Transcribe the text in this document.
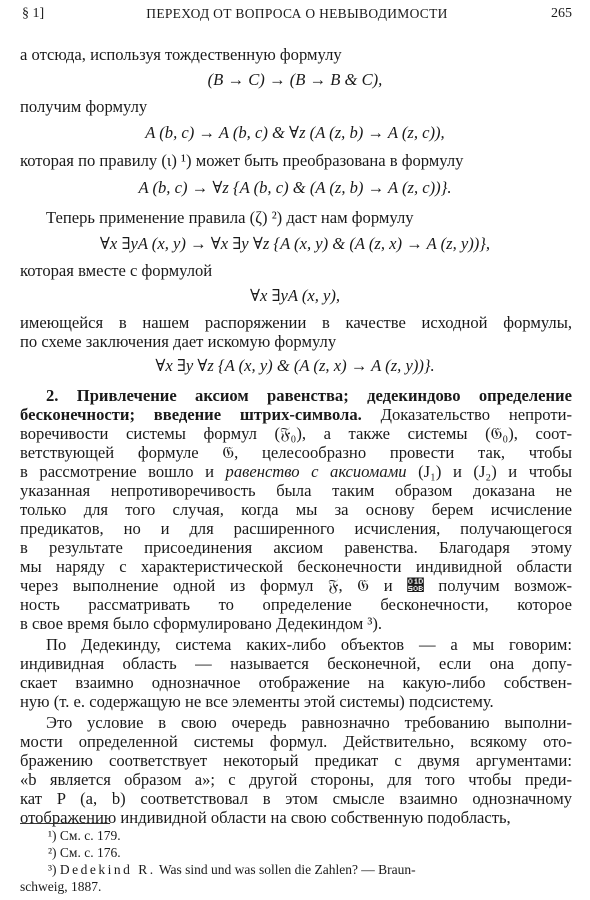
§ 1]	ПЕРЕХОД ОТ ВОПРОСА О НЕВЫВОДИМОСТИ	265
а отсюда, используя тождественную формулу
(B → C) → (B → B & C),
получим формулу
A (b, c) → A (b, c) & ∀z (A (z, b) → A (z, c)),
которая по правилу (ι) ¹) может быть преобразована в формулу
A (b, c) → ∀z {A (b, c) & (A (z, b) → A (z, c))}.
Теперь применение правила (ζ) ²) даст нам формулу
∀x ∃yA (x, y) → ∀x ∃y ∀z {A (x, y) & (A (z, x) → A (z, y))},
которая вместе с формулой
∀x ∃yA (x, y),
имеющейся в нашем распоряжении в качестве исходной формулы,
по схеме заключения дает искомую формулу
∀x ∃y ∀z {A (x, y) & (A (z, x) → A (z, y))}.
2. Привлечение аксиом равенства; дедекиндово определение
бесконечности; введение штрих-символа. Доказательство непроти-
воречивости системы формул (𝔉₀), а также системы (𝔊₀), соот-
ветствующей формуле 𝔊, целесообразно провести так, чтобы
в рассмотрение вошло и равенство с аксиомами (J₁) и (J₂) и чтобы
указанная непротиворечивость была таким образом доказана не
только для того случая, когда мы за основу берем исчисление
предикатов, но и для расширенного исчисления, получающегося
в результате присоединения аксиом равенства. Благодаря этому
мы наряду с характеристической бесконечности индивидной области
через выполнение одной из формул 𝔉, 𝔊 и 𝔋 получим возмож-
ность рассматривать то определение бесконечности, которое
в свое время было сформулировано Дедекиндом ³).
По Дедекинду, система каких-либо объектов — а мы говорим:
индивидная область — называется бесконечной, если она допу-
скает взаимно однозначное отображение на какую-либо собствен-
ную (т. е. содержащую не все элементы этой системы) подсистему.
Это условие в свою очередь равнозначно требованию выполни-
мости определенной системы формул. Действительно, всякому ото-
бражению соответствует некоторый предикат с двумя аргументами:
«b является образом a»; с другой стороны, для того чтобы преди-
кат P (a, b) соответствовал в этом смысле взаимно однозначному
отображению индивидной области на свою собственную подобласть,
¹) См. с. 179.
²) См. с. 176.
³) Dedekind R. Was sind und was sollen die Zahlen? — Braun-
schweig, 1887.
